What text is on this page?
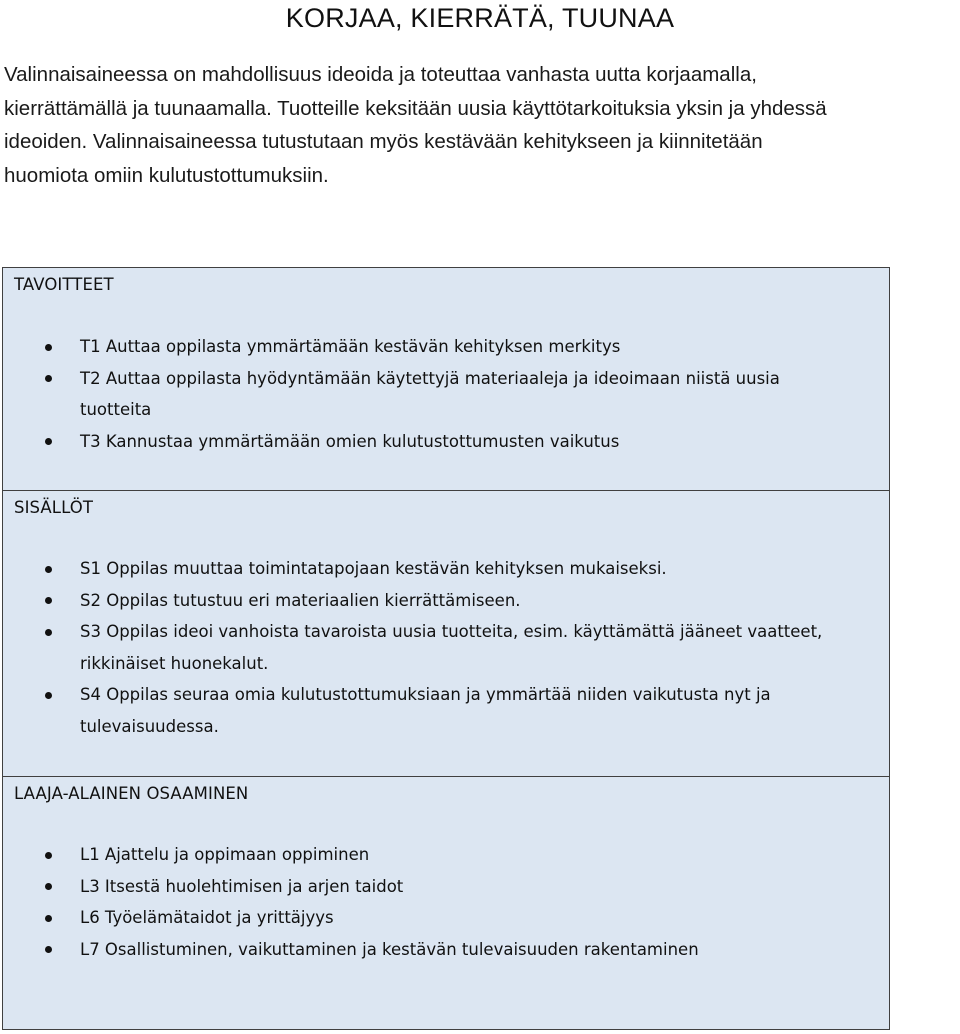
KORJAA, KIERRÄTÄ, TUUNAA
Valinnaisaineessa on mahdollisuus ideoida ja toteuttaa vanhasta uutta korjaamalla,
kierrättämällä ja tuunaamalla. Tuotteille keksitään uusia käyttötarkoituksia yksin ja yhdessä
ideoiden. Valinnaisaineessa tutustutaan myös kestävään kehitykseen ja kiinnitetään
huomiota omiin kulutustottumuksiin.
TAVOITTEET
T1 Auttaa oppilasta ymmärtämään kestävän kehityksen merkitys
T2 Auttaa oppilasta hyödyntämään käytettyjä materiaaleja ja ideoimaan niistä uusia
tuotteita
T3 Kannustaa ymmärtämään omien kulutustottumusten vaikutus
SISÄLLÖT
S1 Oppilas muuttaa toimintatapojaan kestävän kehityksen mukaiseksi.
S2 Oppilas tutustuu eri materiaalien kierrättämiseen.
S3 Oppilas ideoi vanhoista tavaroista uusia tuotteita, esim. käyttämättä jääneet vaatteet,
rikkinäiset huonekalut.
S4 Oppilas seuraa omia kulutustottumuksiaan ja ymmärtää niiden vaikutusta nyt ja
tulevaisuudessa.
LAAJA-ALAINEN OSAAMINEN
L1 Ajattelu ja oppimaan oppiminen
L3 Itsestä huolehtimisen ja arjen taidot
L6 Työelämätaidot ja yrittäjyys
L7 Osallistuminen, vaikuttaminen ja kestävän tulevaisuuden rakentaminen
